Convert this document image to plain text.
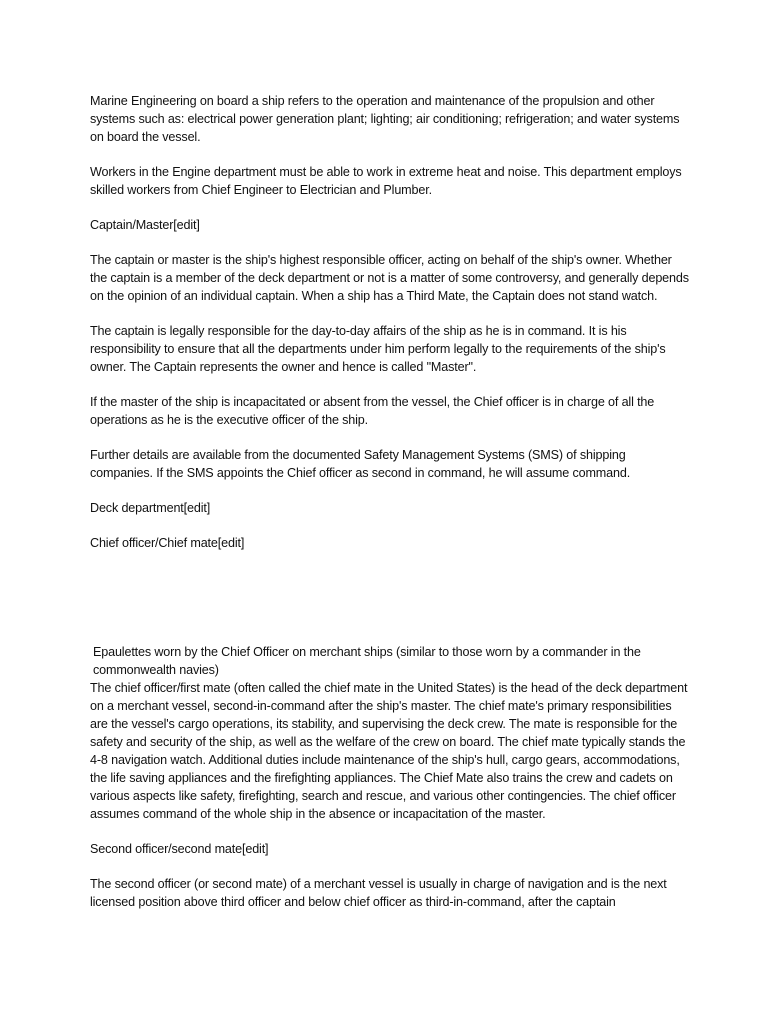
Marine Engineering on board a ship refers to the operation and maintenance of the propulsion and other systems such as: electrical power generation plant; lighting; air conditioning; refrigeration; and water systems on board the vessel.

Workers in the Engine department must be able to work in extreme heat and noise. This department employs skilled workers from Chief Engineer to Electrician and Plumber.

Captain/Master[edit]

The captain or master is the ship's highest responsible officer, acting on behalf of the ship's owner. Whether the captain is a member of the deck department or not is a matter of some controversy, and generally depends on the opinion of an individual captain. When a ship has a Third Mate, the Captain does not stand watch.

The captain is legally responsible for the day-to-day affairs of the ship as he is in command. It is his responsibility to ensure that all the departments under him perform legally to the requirements of the ship's owner. The Captain represents the owner and hence is called "Master".

If the master of the ship is incapacitated or absent from the vessel, the Chief officer is in charge of all the operations as he is the executive officer of the ship.

Further details are available from the documented Safety Management Systems (SMS) of shipping companies. If the SMS appoints the Chief officer as second in command, he will assume command.

Deck department[edit]

Chief officer/Chief mate[edit]

Epaulettes worn by the Chief Officer on merchant ships (similar to those worn by a commander in the commonwealth navies)

The chief officer/first mate (often called the chief mate in the United States) is the head of the deck department on a merchant vessel, second-in-command after the ship's master. The chief mate's primary responsibilities are the vessel's cargo operations, its stability, and supervising the deck crew. The mate is responsible for the safety and security of the ship, as well as the welfare of the crew on board. The chief mate typically stands the 4-8 navigation watch. Additional duties include maintenance of the ship's hull, cargo gears, accommodations, the life saving appliances and the firefighting appliances. The Chief Mate also trains the crew and cadets on various aspects like safety, firefighting, search and rescue, and various other contingencies. The chief officer assumes command of the whole ship in the absence or incapacitation of the master.

Second officer/second mate[edit]

The second officer (or second mate) of a merchant vessel is usually in charge of navigation and is the next licensed position above third officer and below chief officer as third-in-command, after the captain
